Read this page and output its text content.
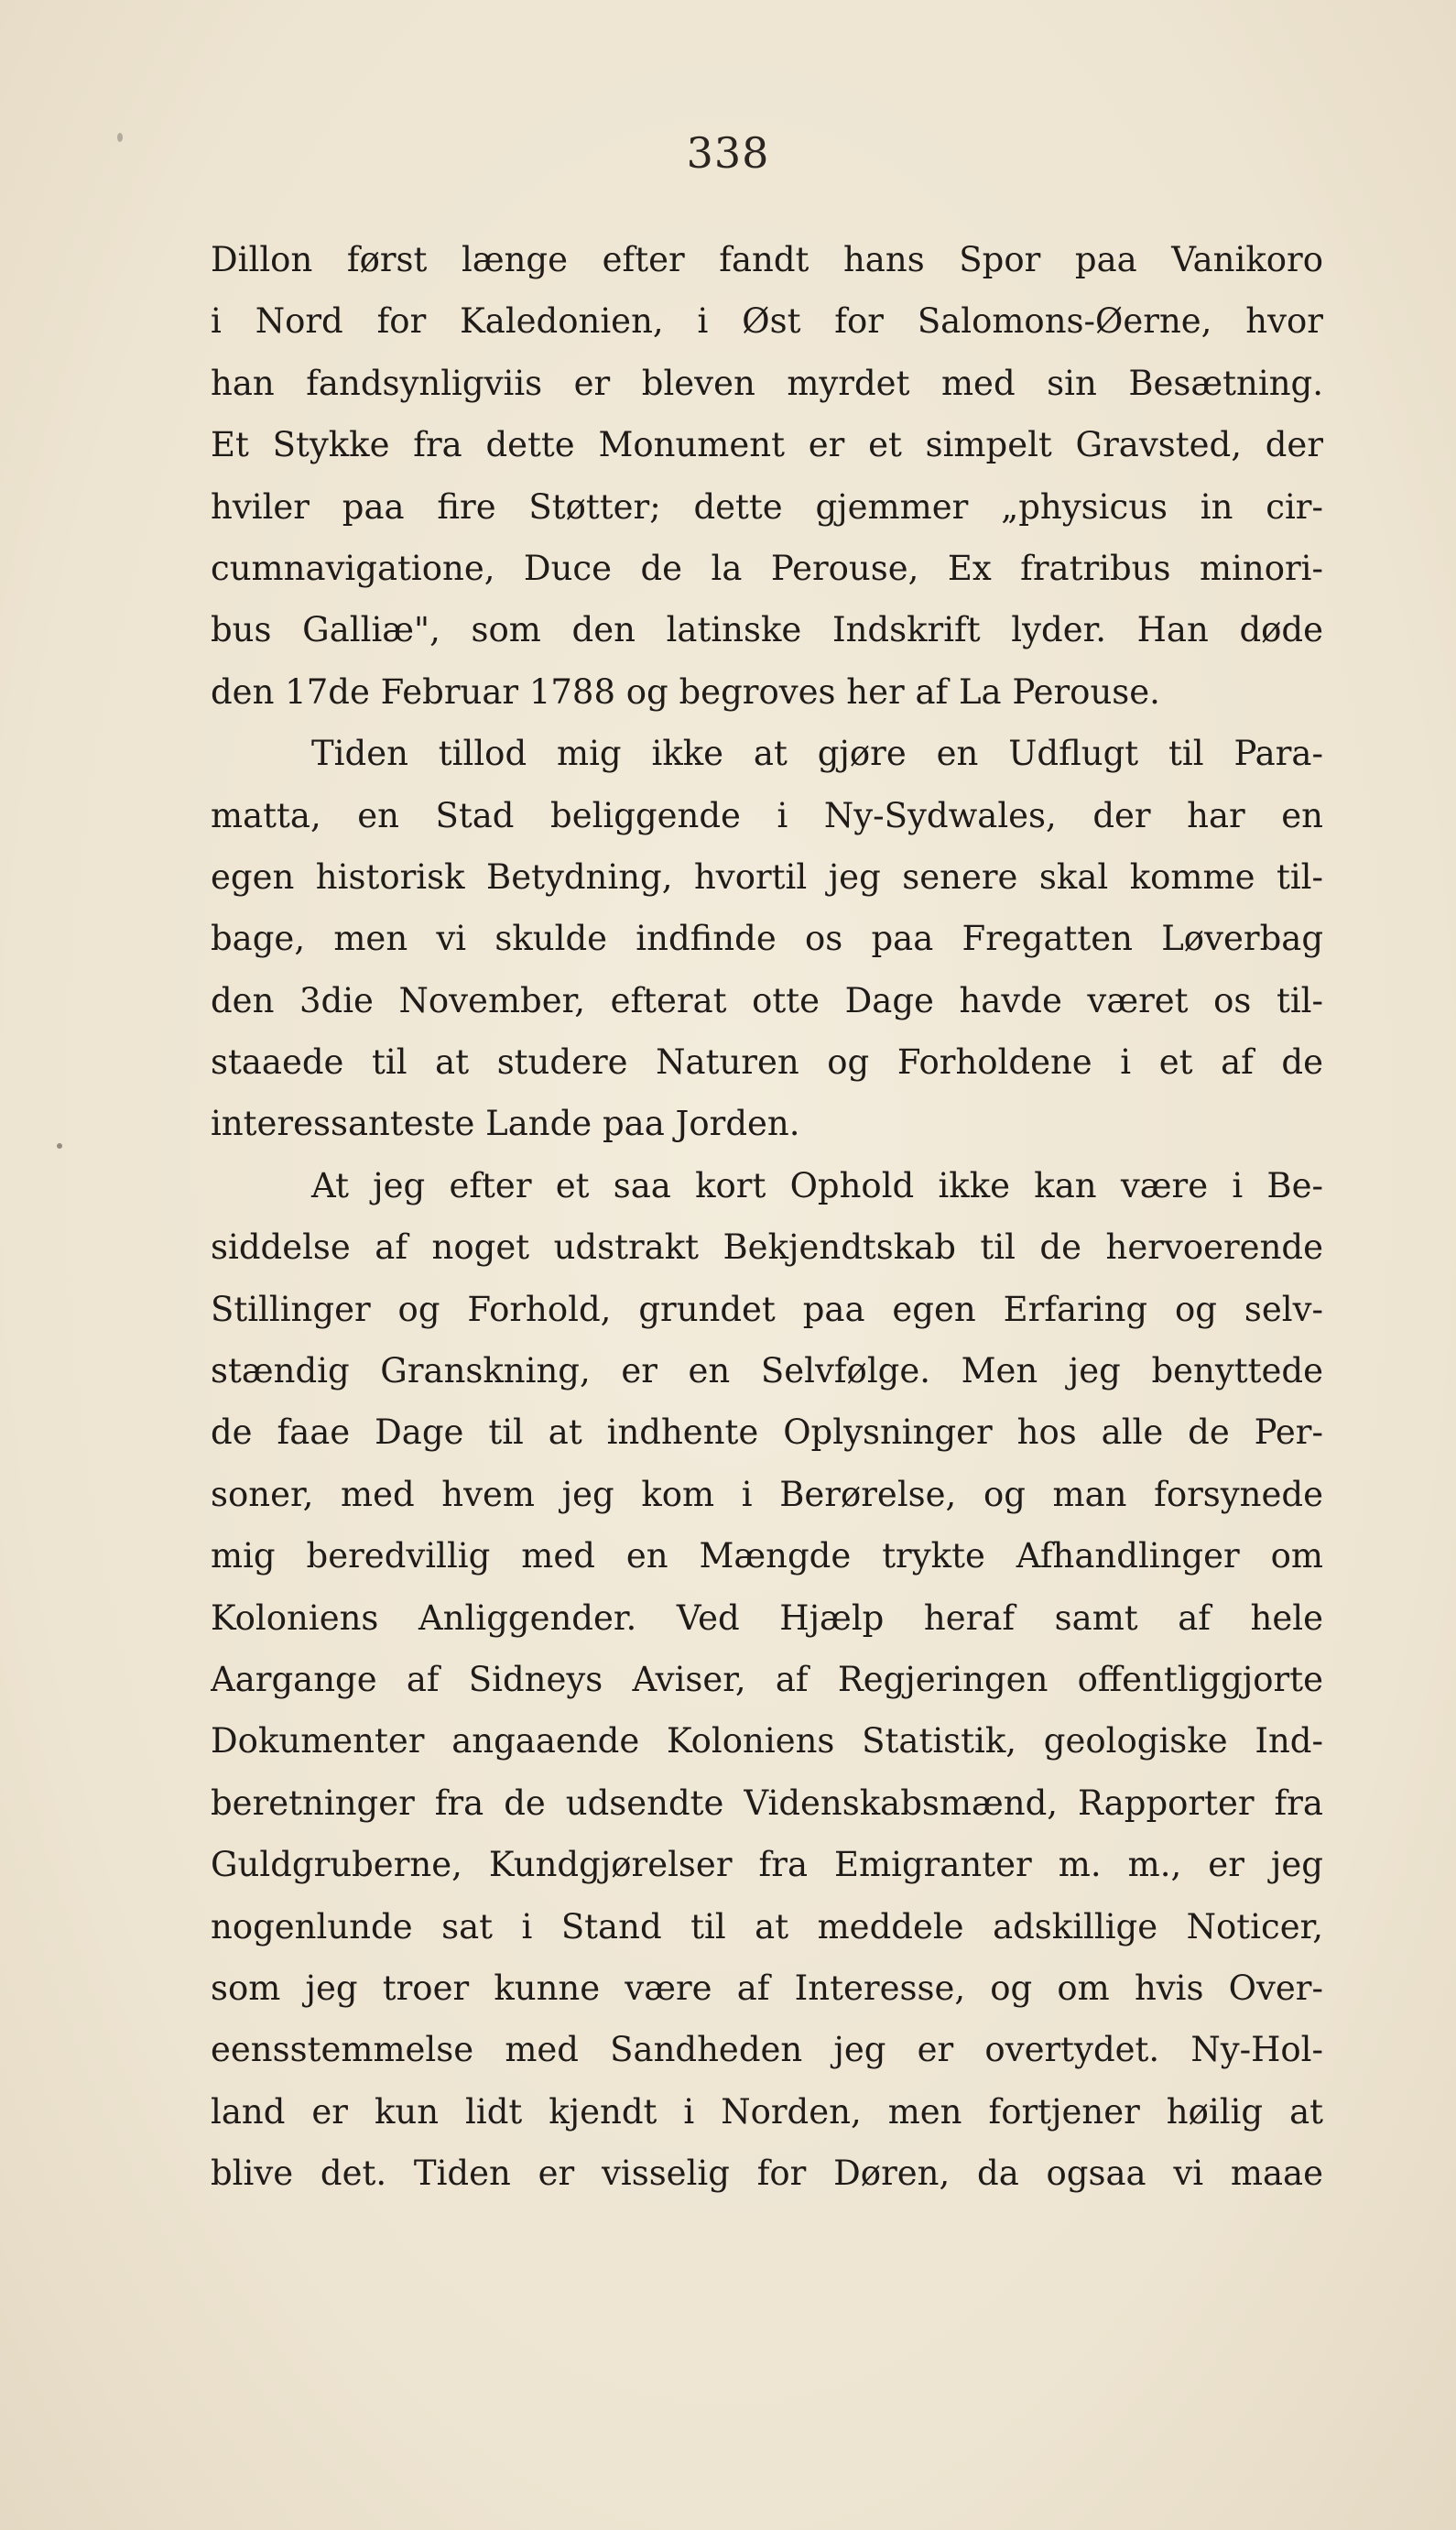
338
Dillon først længe efter fandt hans Spor paa Vanikoro
i Nord for Kaledonien, i Øst for Salomons-Øerne, hvor
han fandsynligviis er bleven myrdet med sin Besætning.
Et Stykke fra dette Monument er et simpelt Gravsted, der
hviler paa fire Støtter; dette gjemmer „physicus in cir-
cumnavigatione, Duce de la Perouse, Ex fratribus minori-
bus Galliæ", som den latinske Indskrift lyder. Han døde
den 17de Februar 1788 og begroves her af La Perouse.
Tiden tillod mig ikke at gjøre en Udflugt til Para-
matta, en Stad beliggende i Ny-Sydwales, der har en
egen historisk Betydning, hvortil jeg senere skal komme til-
bage, men vi skulde indfinde os paa Fregatten Løverbag
den 3die November, efterat otte Dage havde været os til-
staaede til at studere Naturen og Forholdene i et af de
interessanteste Lande paa Jorden.
At jeg efter et saa kort Ophold ikke kan være i Be-
siddelse af noget udstrakt Bekjendtskab til de hervoerende
Stillinger og Forhold, grundet paa egen Erfaring og selv-
stændig Granskning, er en Selvfølge. Men jeg benyttede
de faae Dage til at indhente Oplysninger hos alle de Per-
soner, med hvem jeg kom i Berørelse, og man forsynede
mig beredvillig med en Mængde trykte Afhandlinger om
Koloniens Anliggender. Ved Hjælp heraf samt af hele
Aargange af Sidneys Aviser, af Regjeringen offentliggjorte
Dokumenter angaaende Koloniens Statistik, geologiske Ind-
beretninger fra de udsendte Videnskabsmænd, Rapporter fra
Guldgruberne, Kundgjørelser fra Emigranter m. m., er jeg
nogenlunde sat i Stand til at meddele adskillige Noticer,
som jeg troer kunne være af Interesse, og om hvis Over-
eensstemmelse med Sandheden jeg er overtydet. Ny-Hol-
land er kun lidt kjendt i Norden, men fortjener høilig at
blive det. Tiden er visselig for Døren, da ogsaa vi maae
